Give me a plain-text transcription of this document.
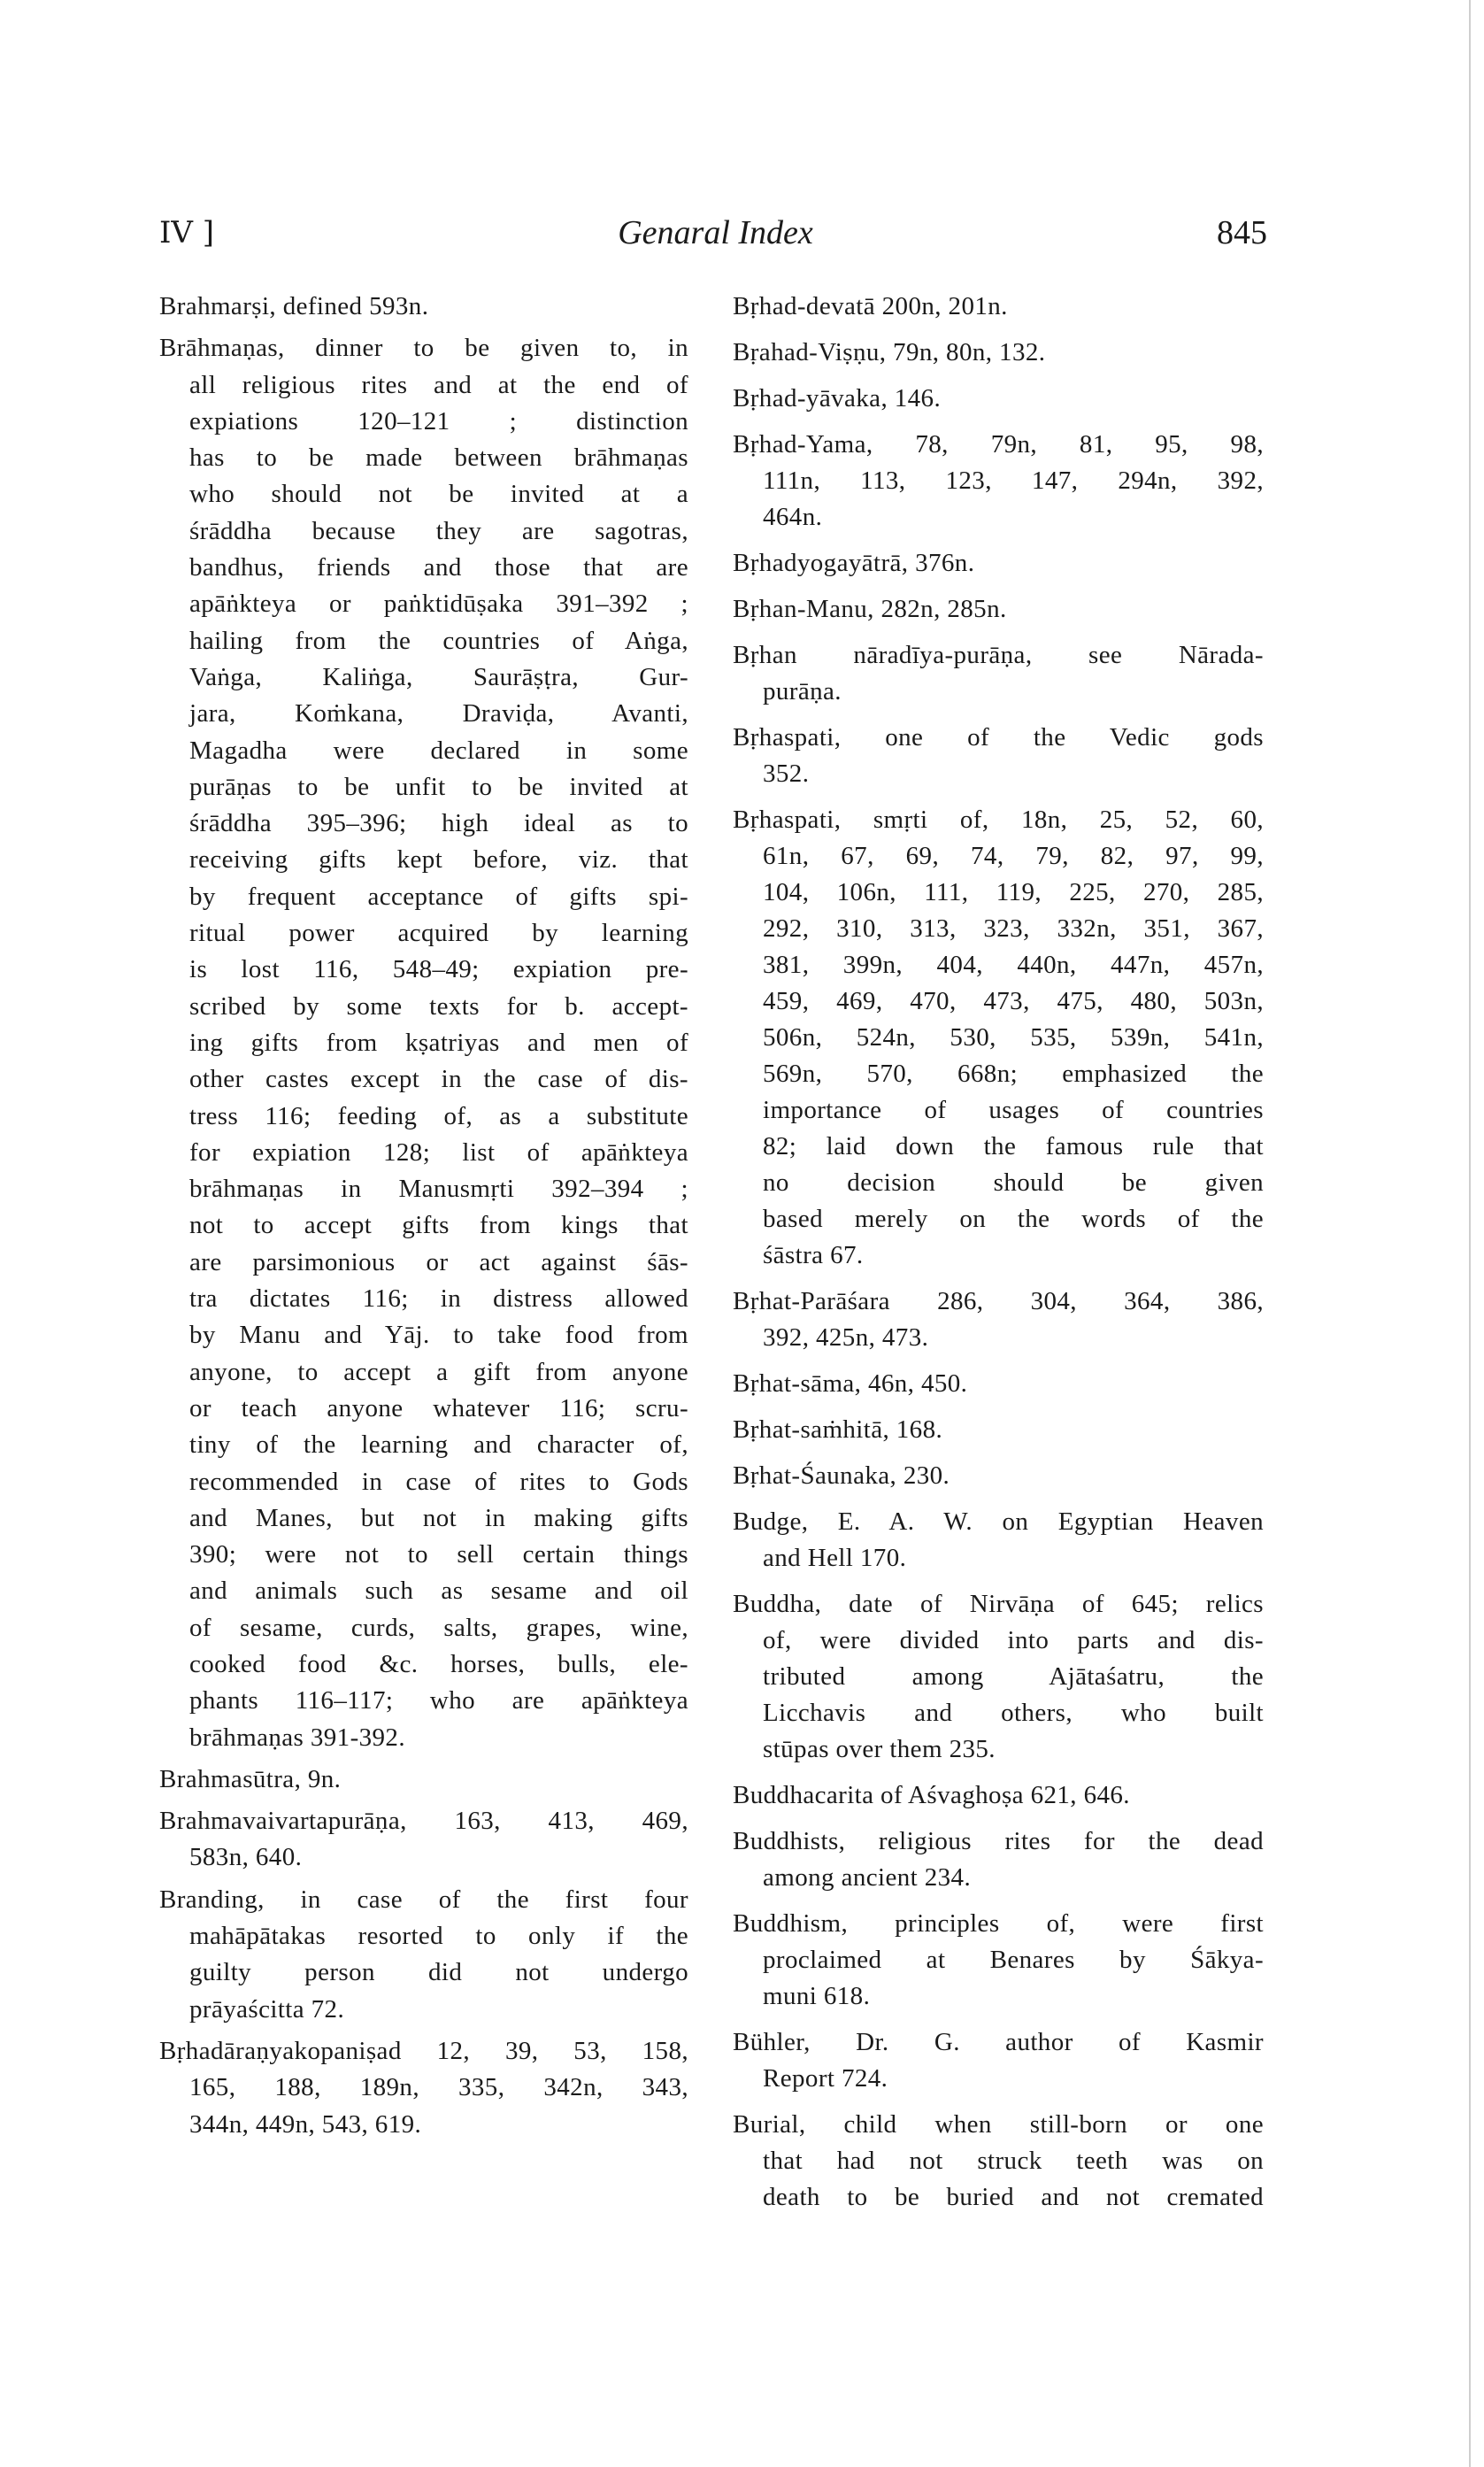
IV ]	Genaral Index	845
Brahmarṣi, defined 593n.
Brāhmaṇas, dinner to be given to, in
all religious rites and at the end of
expiations 120–121 ; distinction
has to be made between brāhmaṇas
who should not be invited at a
śrāddha because they are sagotras,
bandhus, friends and those that are
apāṅkteya or paṅktidūṣaka 391–392 ;
hailing from the countries of Aṅga,
Vaṅga, Kaliṅga, Saurāṣṭra, Gur-
jara, Koṁkana, Draviḍa, Avanti,
Magadha were declared in some
purāṇas to be unfit to be invited at
śrāddha 395–396; high ideal as to
receiving gifts kept before, viz. that
by frequent acceptance of gifts spi-
ritual power acquired by learning
is lost 116, 548–49; expiation pre-
scribed by some texts for b. accept-
ing gifts from kṣatriyas and men of
other castes except in the case of dis-
tress 116; feeding of, as a substitute
for expiation 128; list of apāṅkteya
brāhmaṇas in Manusmṛti 392–394 ;
not to accept gifts from kings that
are parsimonious or act against śās-
tra dictates 116; in distress allowed
by Manu and Yāj. to take food from
anyone, to accept a gift from anyone
or teach anyone whatever 116; scru-
tiny of the learning and character of,
recommended in case of rites to Gods
and Manes, but not in making gifts
390; were not to sell certain things
and animals such as sesame and oil
of sesame, curds, salts, grapes, wine,
cooked food &c. horses, bulls, ele-
phants 116–117; who are apāṅkteya
brāhmaṇas 391-392.
Brahmasūtra, 9n.
Brahmavaivartapurāṇa, 163, 413, 469,
583n, 640.
Branding, in case of the first four
mahāpātakas resorted to only if the
guilty person did not undergo
prāyaścitta 72.
Bṛhadāraṇyakopaniṣad 12, 39, 53, 158,
165, 188, 189n, 335, 342n, 343,
344n, 449n, 543, 619.
Bṛhad-devatā 200n, 201n.
Bṛahad-Viṣṇu, 79n, 80n, 132.
Bṛhad-yāvaka, 146.
Bṛhad-Yama, 78, 79n, 81, 95, 98,
111n, 113, 123, 147, 294n, 392,
464n.
Bṛhadyogayātrā, 376n.
Bṛhan-Manu, 282n, 285n.
Bṛhan nāradīya-purāṇa, see Nārada-
purāṇa.
Bṛhaspati, one of the Vedic gods
352.
Bṛhaspati, smṛti of, 18n, 25, 52, 60,
61n, 67, 69, 74, 79, 82, 97, 99,
104, 106n, 111, 119, 225, 270, 285,
292, 310, 313, 323, 332n, 351, 367,
381, 399n, 404, 440n, 447n, 457n,
459, 469, 470, 473, 475, 480, 503n,
506n, 524n, 530, 535, 539n, 541n,
569n, 570, 668n; emphasized the
importance of usages of countries
82; laid down the famous rule that
no decision should be given
based merely on the words of the
śāstra 67.
Bṛhat-Parāśara 286, 304, 364, 386,
392, 425n, 473.
Bṛhat-sāma, 46n, 450.
Bṛhat-saṁhitā, 168.
Bṛhat-Śaunaka, 230.
Budge, E. A. W. on Egyptian Heaven
and Hell 170.
Buddha, date of Nirvāṇa of 645; relics
of, were divided into parts and dis-
tributed among Ajātaśatru, the
Licchavis and others, who built
stūpas over them 235.
Buddhacarita of Aśvaghoṣa 621, 646.
Buddhists, religious rites for the dead
among ancient 234.
Buddhism, principles of, were first
proclaimed at Benares by Śākya-
muni 618.
Bühler, Dr. G. author of Kasmir
Report 724.
Burial, child when still-born or one
that had not struck teeth was on
death to be buried and not cremated
